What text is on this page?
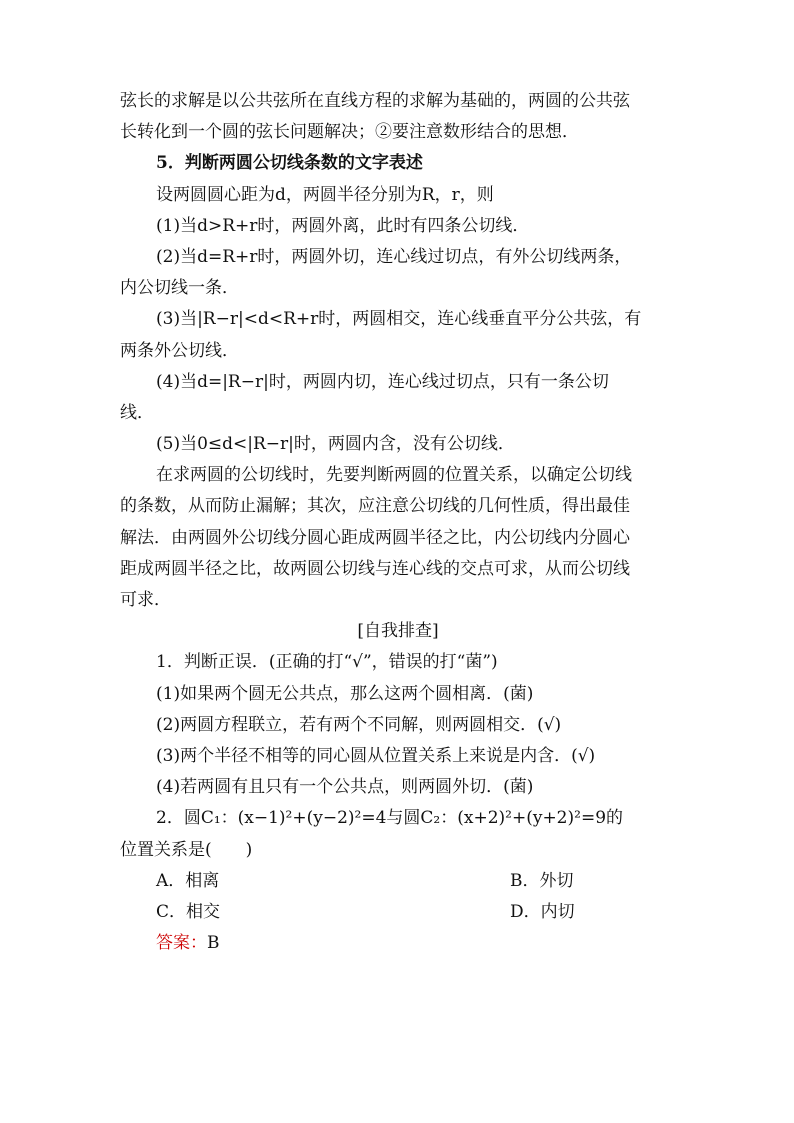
弦长的求解是以公共弦所在直线方程的求解为基础的，两圆的公共弦
长转化到一个圆的弦长问题解决；②要注意数形结合的思想．
5．判断两圆公切线条数的文字表述
设两圆圆心距为d，两圆半径分别为R，r，则
(1)当d>R+r时，两圆外离，此时有四条公切线．
(2)当d=R+r时，两圆外切，连心线过切点，有外公切线两条，
内公切线一条．
(3)当|R−r|<d<R+r时，两圆相交，连心线垂直平分公共弦，有
两条外公切线．
(4)当d=|R−r|时，两圆内切，连心线过切点，只有一条公切
线．
(5)当0≤d<|R−r|时，两圆内含，没有公切线．
在求两圆的公切线时，先要判断两圆的位置关系，以确定公切线
的条数，从而防止漏解；其次，应注意公切线的几何性质，得出最佳
解法．由两圆外公切线分圆心距成两圆半径之比，内公切线内分圆心
距成两圆半径之比，故两圆公切线与连心线的交点可求，从而公切线
可求．
[自我排查]
1．判断正误．(正确的打“√”，错误的打“菌”)
(1)如果两个圆无公共点，那么这两个圆相离．(菌)
(2)两圆方程联立，若有两个不同解，则两圆相交．(√)
(3)两个半径不相等的同心圆从位置关系上来说是内含．(√)
(4)若两圆有且只有一个公共点，则两圆外切．(菌)
2．圆C₁：(x−1)²+(y−2)²=4与圆C₂：(x+2)²+(y+2)²=9的
位置关系是(　　)
A．相离	B．外切
C．相交	D．内切
答案：B
